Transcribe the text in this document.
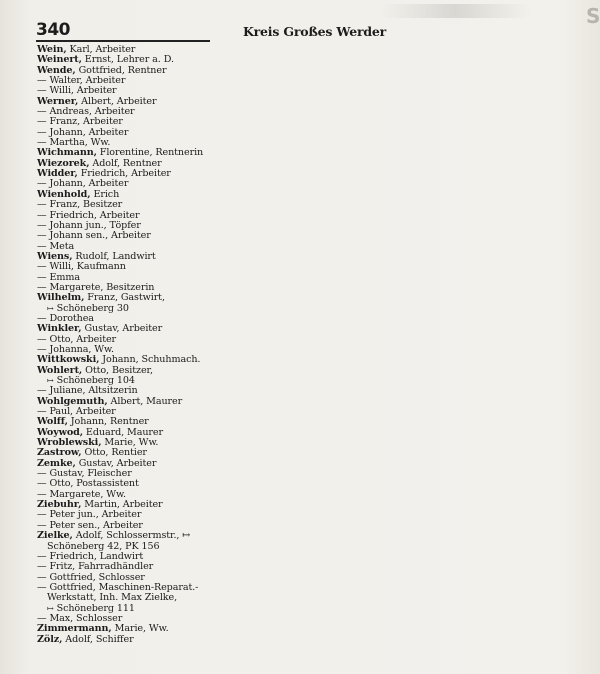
S
340	Kreis Großes Werder
Wein, Karl, Arbeiter
Weinert, Ernst, Lehrer a. D.
Wende, Gottfried, Rentner
— Walter, Arbeiter
— Willi, Arbeiter
Werner, Albert, Arbeiter
— Andreas, Arbeiter
— Franz, Arbeiter
— Johann, Arbeiter
— Martha, Ww.
Wichmann, Florentine, Rentnerin
Wiezorek, Adolf, Rentner
Widder, Friedrich, Arbeiter
— Johann, Arbeiter
Wienhold, Erich
— Franz, Besitzer
— Friedrich, Arbeiter
— Johann jun., Töpfer
— Johann sen., Arbeiter
— Meta
Wiens, Rudolf, Landwirt
— Willi, Kaufmann
— Emma
— Margarete, Besitzerin
Wilhelm, Franz, Gastwirt,
↦ Schöneberg 30
— Dorothea
Winkler, Gustav, Arbeiter
— Otto, Arbeiter
— Johanna, Ww.
Wittkowski, Johann, Schuhmach.
Wohlert, Otto, Besitzer,
↦ Schöneberg 104
— Juliane, Altsitzerin
Wohlgemuth, Albert, Maurer
— Paul, Arbeiter
Wolff, Johann, Rentner
Woywod, Eduard, Maurer
Wroblewski, Marie, Ww.
Zastrow, Otto, Rentier
Zemke, Gustav, Arbeiter
— Gustav, Fleischer
— Otto, Postassistent
— Margarete, Ww.
Ziebuhr, Martin, Arbeiter
— Peter jun., Arbeiter
— Peter sen., Arbeiter
Zielke, Adolf, Schlossermstr., ↦
Schöneberg 42, PK 156
— Friedrich, Landwirt
— Fritz, Fahrradhändler
— Gottfried, Schlosser
— Gottfried, Maschinen-Reparat.-
Werkstatt, Inh. Max Zielke,
↦ Schöneberg 111
— Max, Schlosser
Zimmermann, Marie, Ww.
Zölz, Adolf, Schiffer
